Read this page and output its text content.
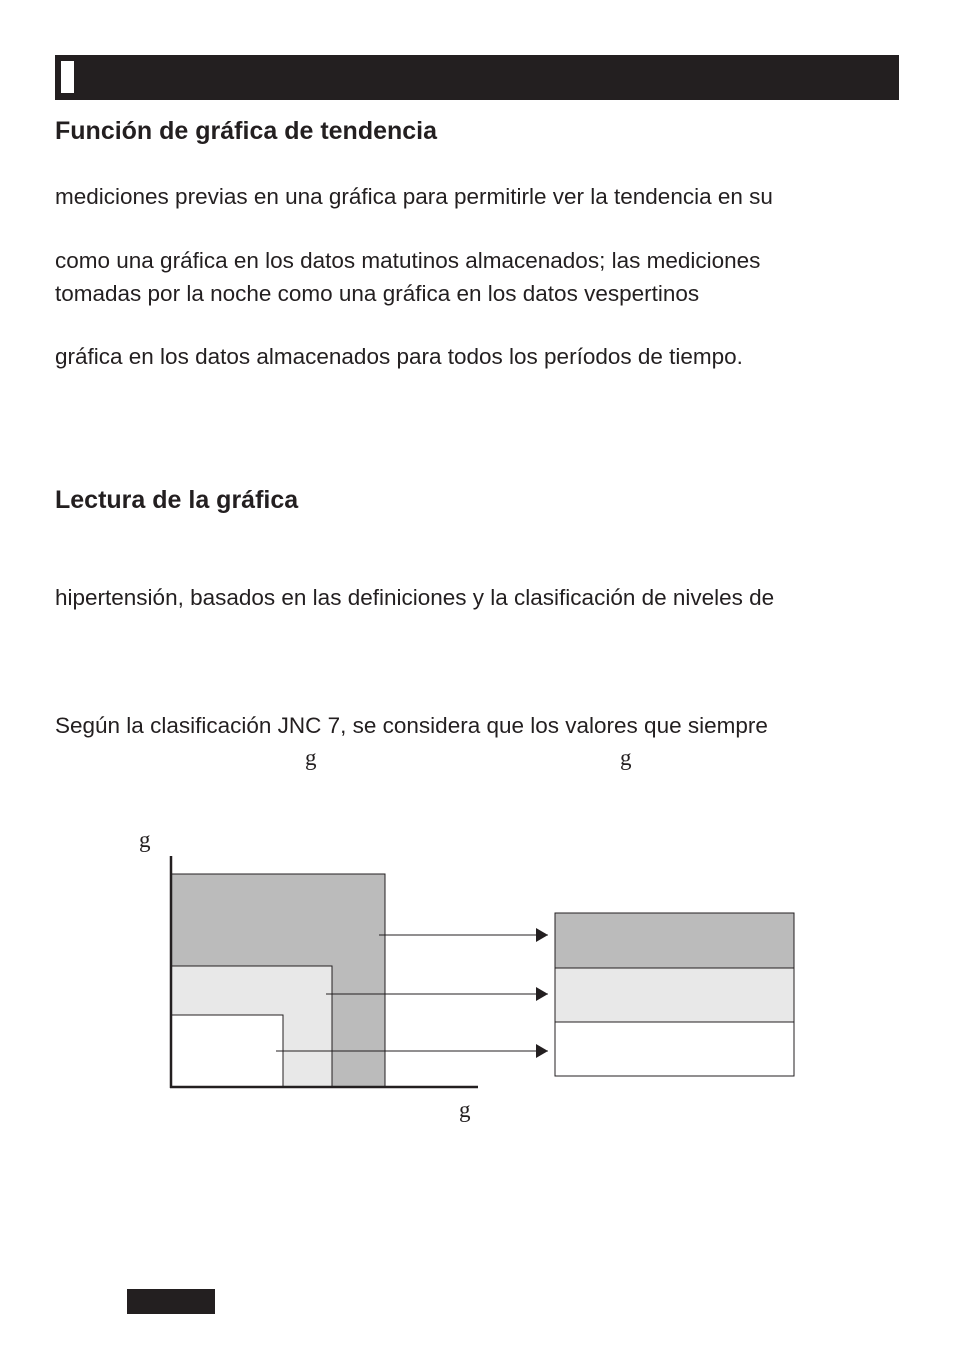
Función de gráfica de tendencia

mediciones previas en una gráfica para permitirle ver la tendencia en su

como una gráfica en los datos matutinos almacenados; las mediciones

tomadas por la noche como una gráfica en los datos vespertinos

gráfica en los datos almacenados para todos los períodos de tiempo.

Lectura de la gráfica

hipertensión, basados en las definiciones y la clasificación de niveles de

Según la clasificación JNC 7, se considera que los valores que siempre

g	g
g
g
